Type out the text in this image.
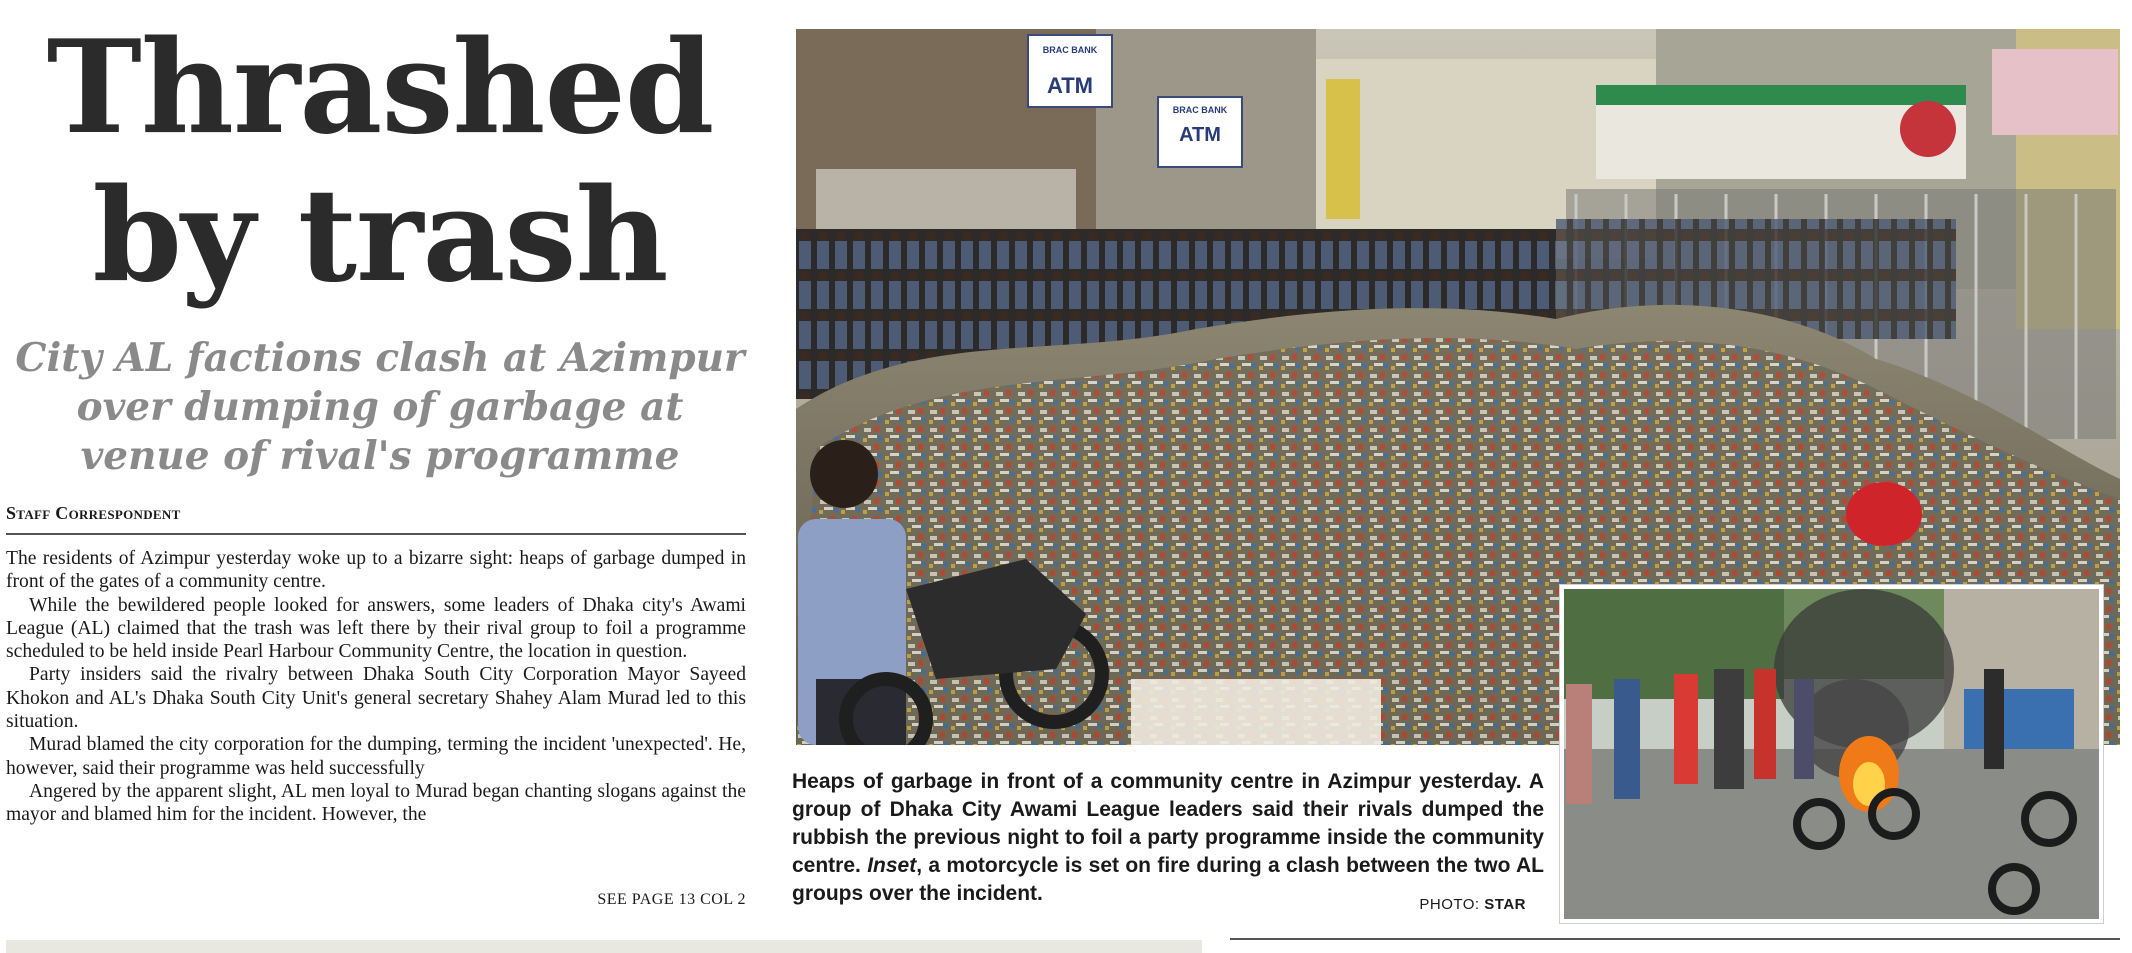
Thrashed
by trash
City AL factions clash at Azimpur
over dumping of garbage at
venue of rival's programme
Staff Correspondent

The residents of Azimpur yesterday woke up to a bizarre sight: heaps of garbage dumped in front of the gates of a community centre.

While the bewildered people looked for answers, some leaders of Dhaka city's Awami League (AL) claimed that the trash was left there by their rival group to foil a programme scheduled to be held inside Pearl Harbour Community Centre, the location in question.

Party insiders said the rivalry between Dhaka South City Corporation Mayor Sayeed Khokon and AL's Dhaka South City Unit's general secretary Shahey Alam Murad led to this situation.

Murad blamed the city corporation for the dumping, terming the incident 'unexpected'. He, however, said their programme was held successfully

Angered by the apparent slight, AL men loyal to Murad began chanting slogans against the mayor and blamed him for the incident. However, the

SEE PAGE 13 COL 2
BRAC BANK
ATM
BRAC BANK
ATM
Heaps of garbage in front of a community centre in Azimpur yesterday. A group of Dhaka City Awami League leaders said their rivals dumped the rubbish the previous night to foil a party programme inside the community centre. Inset, a motorcycle is set on fire during a clash between the two AL groups over the incident.	PHOTO: STAR
